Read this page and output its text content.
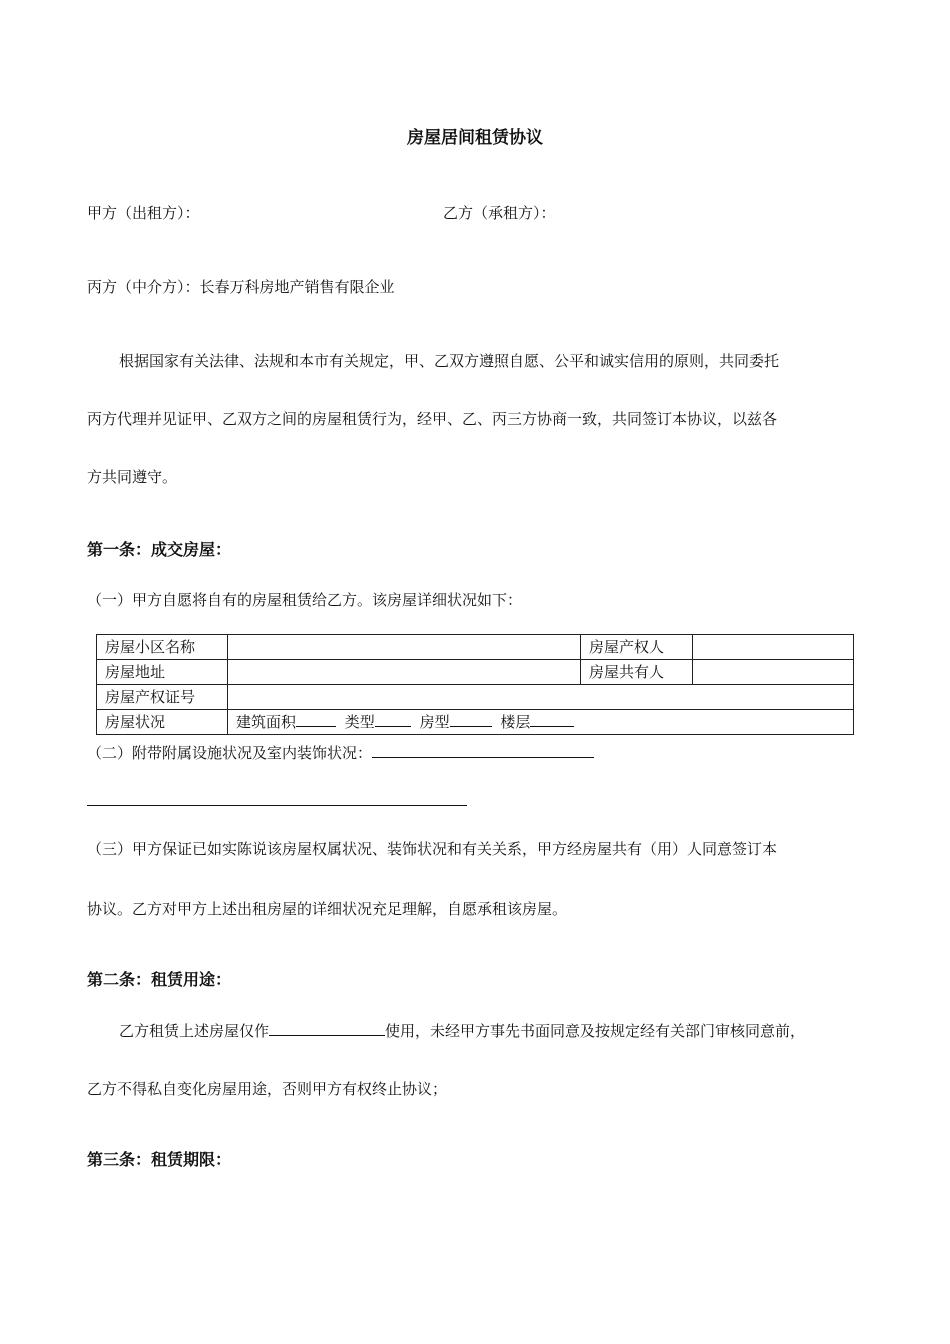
房屋居间租赁协议
甲方（出租方）：	乙方（承租方）：
丙方（中介方）：长春万科房地产销售有限企业
根据国家有关法律、法规和本市有关规定，甲、乙双方遵照自愿、公平和诚实信用的原则，共同委托
丙方代理并见证甲、乙双方之间的房屋租赁行为，经甲、乙、丙三方协商一致，共同签订本协议，以兹各
方共同遵守。
第一条：成交房屋：
（一）甲方自愿将自有的房屋租赁给乙方。该房屋详细状况如下：
房屋小区名称		房屋产权人	
房屋地址		房屋共有人	
房屋产权证号			
房屋状况	建筑面积 类型 房型 楼层		
（二）附带附属设施状况及室内装饰状况：
（三）甲方保证已如实陈说该房屋权属状况、装饰状况和有关关系，甲方经房屋共有（用）人同意签订本
协议。乙方对甲方上述出租房屋的详细状况充足理解，自愿承租该房屋。
第二条：租赁用途：
乙方租赁上述房屋仅作	使用，未经甲方事先书面同意及按规定经有关部门审核同意前，
乙方不得私自变化房屋用途，否则甲方有权终止协议；
第三条：租赁期限：
